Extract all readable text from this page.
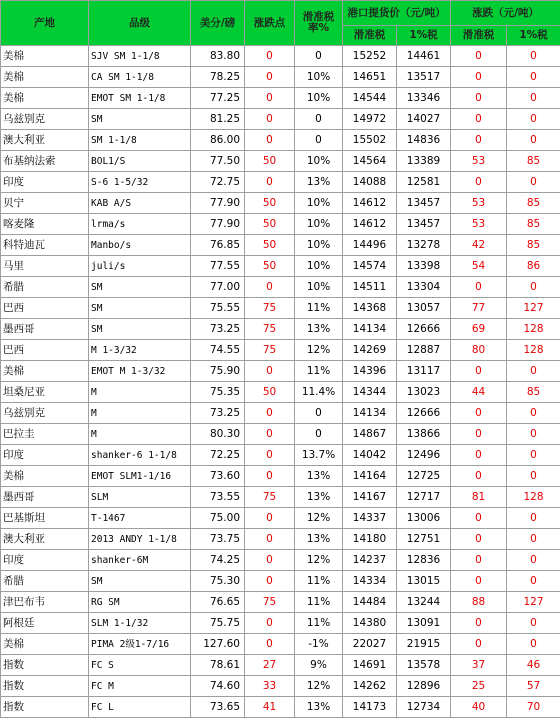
产地	品级	美分/磅	涨跌点	滑准税率%	港口提货价（元/吨）		涨跌（元/吨）	
					滑准税	1%税	滑准税	1%税
美棉	SJV SM 1-1/8	83.80	0	0	15252	14461	0	0
美棉	CA SM 1-1/8	78.25	0	10%	14651	13517	0	0
美棉	EMOT SM 1-1/8	77.25	0	10%	14544	13346	0	0
乌兹别克	SM	81.25	0	0	14972	14027	0	0
澳大利亚	SM 1-1/8	86.00	0	0	15502	14836	0	0
布基纳法索	BOL1/S	77.50	50	10%	14564	13389	53	85
印度	S-6 1-5/32	72.75	0	13%	14088	12581	0	0
贝宁	KAB A/S	77.90	50	10%	14612	13457	53	85
喀麦隆	lrma/s	77.90	50	10%	14612	13457	53	85
科特迪瓦	Manbo/s	76.85	50	10%	14496	13278	42	85
马里	juli/s	77.55	50	10%	14574	13398	54	86
希腊	SM	77.00	0	10%	14511	13304	0	0
巴西	SM	75.55	75	11%	14368	13057	77	127
墨西哥	SM	73.25	75	13%	14134	12666	69	128
巴西	M 1-3/32	74.55	75	12%	14269	12887	80	128
美棉	EMOT M 1-3/32	75.90	0	11%	14396	13117	0	0
坦桑尼亚	M	75.35	50	11.4%	14344	13023	44	85
乌兹别克	M	73.25	0	0	14134	12666	0	0
巴拉圭	M	80.30	0	0	14867	13866	0	0
印度	shanker-6 1-1/8	72.25	0	13.7%	14042	12496	0	0
美棉	EMOT SLM1-1/16	73.60	0	13%	14164	12725	0	0
墨西哥	SLM	73.55	75	13%	14167	12717	81	128
巴基斯坦	T-1467	75.00	0	12%	14337	13006	0	0
澳大利亚	2013 ANDY 1-1/8	73.75	0	13%	14180	12751	0	0
印度	shanker-6M	74.25	0	12%	14237	12836	0	0
希腊	SM	75.30	0	11%	14334	13015	0	0
津巴布韦	RG SM	76.65	75	11%	14484	13244	88	127
阿根廷	SLM 1-1/32	75.75	0	11%	14380	13091	0	0
美棉	PIMA 2级1-7/16	127.60	0	-1%	22027	21915	0	0
指数	FC S	78.61	27	9%	14691	13578	37	46
指数	FC M	74.60	33	12%	14262	12896	25	57
指数	FC L	73.65	41	13%	14173	12734	40	70
